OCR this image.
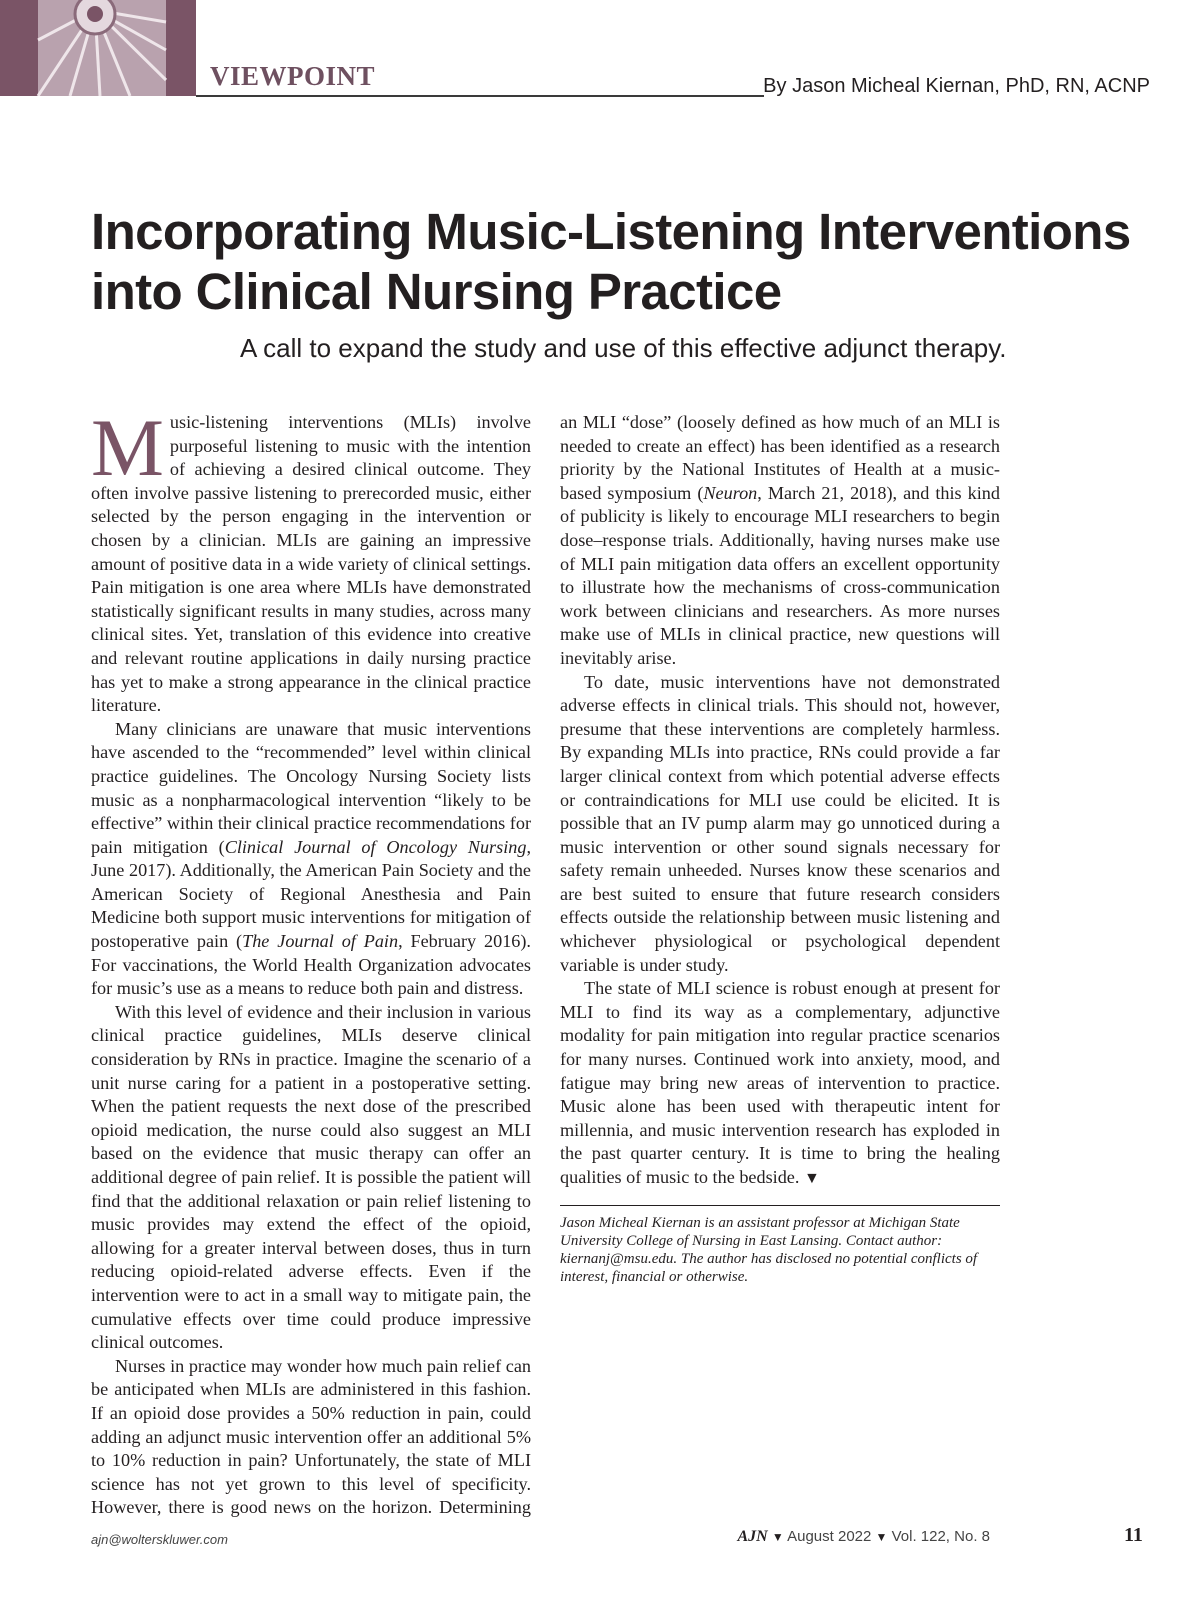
VIEWPOINT	By Jason Micheal Kiernan, PhD, RN, ACNP

Incorporating Music-Listening Interventions into Clinical Nursing Practice

A call to expand the study and use of this effective adjunct therapy.

Music-listening interventions (MLIs) involve purposeful listening to music with the intention of achieving a desired clinical outcome. They often involve passive listening to prerecorded music, either selected by the person engaging in the intervention or chosen by a clinician. MLIs are gaining an impressive amount of positive data in a wide variety of clinical settings. Pain mitigation is one area where MLIs have demonstrated statistically significant results in many studies, across many clinical sites. Yet, translation of this evidence into creative and relevant routine applications in daily nursing practice has yet to make a strong appearance in the clinical practice literature.

Many clinicians are unaware that music interventions have ascended to the “recommended” level within clinical practice guidelines. The Oncology Nursing Society lists music as a nonpharmacological intervention “likely to be effective” within their clinical practice recommendations for pain mitigation (Clinical Journal of Oncology Nursing, June 2017). Additionally, the American Pain Society and the American Society of Regional Anesthesia and Pain Medicine both support music interventions for mitigation of postoperative pain (The Journal of Pain, February 2016). For vaccinations, the World Health Organization advocates for music’s use as a means to reduce both pain and distress.

With this level of evidence and their inclusion in various clinical practice guidelines, MLIs deserve clinical consideration by RNs in practice. Imagine the scenario of a unit nurse caring for a patient in a postoperative setting. When the patient requests the next dose of the prescribed opioid medication, the nurse could also suggest an MLI based on the evidence that music therapy can offer an additional degree of pain relief. It is possible the patient will find that the additional relaxation or pain relief listening to music provides may extend the effect of the opioid, allowing for a greater interval between doses, thus in turn reducing opioid-related adverse effects. Even if the intervention were to act in a small way to mitigate pain, the cumulative effects over time could produce impressive clinical outcomes.

Nurses in practice may wonder how much pain relief can be anticipated when MLIs are administered in this fashion. If an opioid dose provides a 50% reduction in pain, could adding an adjunct music intervention offer an additional 5% to 10% reduction in pain? Unfortunately, the state of MLI science has not yet grown to this level of specificity. However, there is good news on the horizon. Determining an MLI “dose” (loosely defined as how much of an MLI is needed to create an effect) has been identified as a research priority by the National Institutes of Health at a music-based symposium (Neuron, March 21, 2018), and this kind of publicity is likely to encourage MLI researchers to begin dose–response trials. Additionally, having nurses make use of MLI pain mitigation data offers an excellent opportunity to illustrate how the mechanisms of cross-communication work between clinicians and researchers. As more nurses make use of MLIs in clinical practice, new questions will inevitably arise.

To date, music interventions have not demonstrated adverse effects in clinical trials. This should not, however, presume that these interventions are completely harmless. By expanding MLIs into practice, RNs could provide a far larger clinical context from which potential adverse effects or contraindications for MLI use could be elicited. It is possible that an IV pump alarm may go unnoticed during a music intervention or other sound signals necessary for safety remain unheeded. Nurses know these scenarios and are best suited to ensure that future research considers effects outside the relationship between music listening and whichever physiological or psychological dependent variable is under study.

The state of MLI science is robust enough at present for MLI to find its way as a complementary, adjunctive modality for pain mitigation into regular practice scenarios for many nurses. Continued work into anxiety, mood, and fatigue may bring new areas of intervention to practice. Music alone has been used with therapeutic intent for millennia, and music intervention research has exploded in the past quarter century. It is time to bring the healing qualities of music to the bedside. ▼

Jason Micheal Kiernan is an assistant professor at Michigan State University College of Nursing in East Lansing. Contact author: kiernanj@msu.edu. The author has disclosed no potential conflicts of interest, financial or otherwise.

ajn@wolterskluwer.com	AJN ▼ August 2022 ▼ Vol. 122, No. 8	11
